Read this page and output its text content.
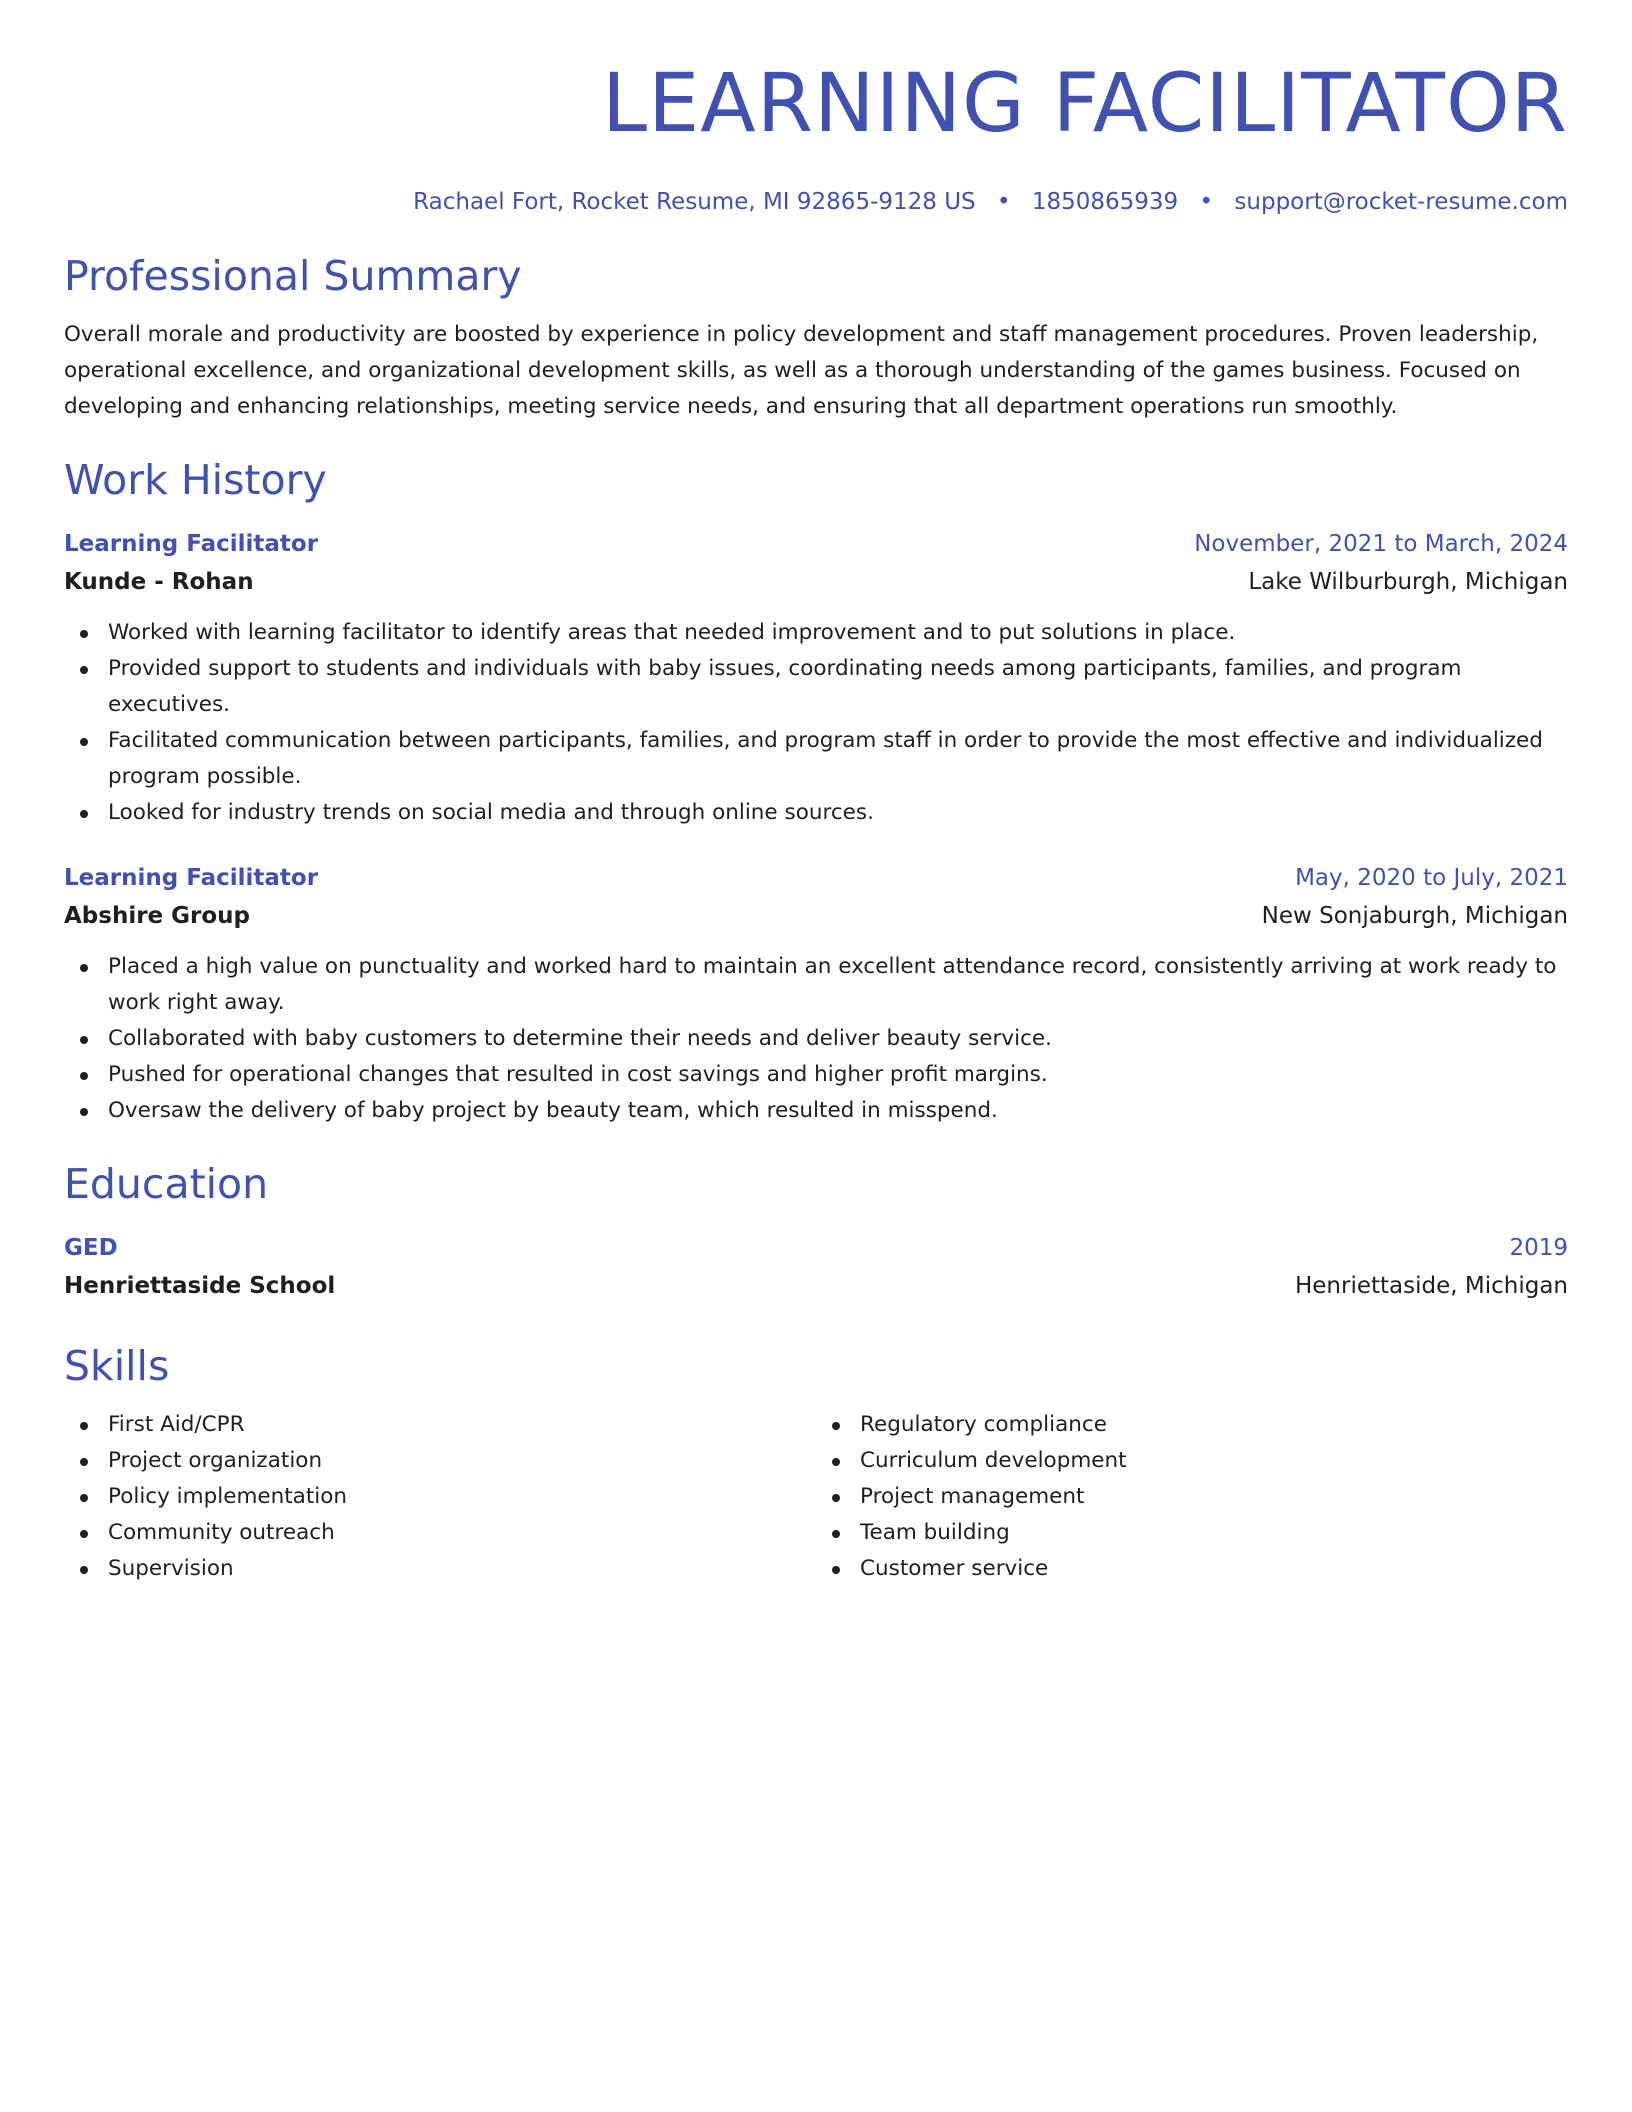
LEARNING FACILITATOR
Rachael Fort, Rocket Resume, MI 92865-9128 US • 1850865939 • support@rocket-resume.com
Professional Summary

Overall morale and productivity are boosted by experience in policy development and staff management procedures. Proven leadership, operational excellence, and organizational development skills, as well as a thorough understanding of the games business. Focused on developing and enhancing relationships, meeting service needs, and ensuring that all department operations run smoothly.

Work History
Learning Facilitator	November, 2021 to March, 2024
Kunde - Rohan	Lake Wilburburgh, Michigan
Worked with learning facilitator to identify areas that needed improvement and to put solutions in place.
Provided support to students and individuals with baby issues, coordinating needs among participants, families, and program executives.
Facilitated communication between participants, families, and program staff in order to provide the most effective and individualized program possible.
Looked for industry trends on social media and through online sources.
Learning Facilitator	May, 2020 to July, 2021
Abshire Group	New Sonjaburgh, Michigan
Placed a high value on punctuality and worked hard to maintain an excellent attendance record, consistently arriving at work ready to work right away.
Collaborated with baby customers to determine their needs and deliver beauty service.
Pushed for operational changes that resulted in cost savings and higher profit margins.
Oversaw the delivery of baby project by beauty team, which resulted in misspend.
Education
GED	2019
Henriettaside School	Henriettaside, Michigan
Skills
First Aid/CPR
Project organization
Policy implementation
Community outreach
Supervision
Regulatory compliance
Curriculum development
Project management
Team building
Customer service
